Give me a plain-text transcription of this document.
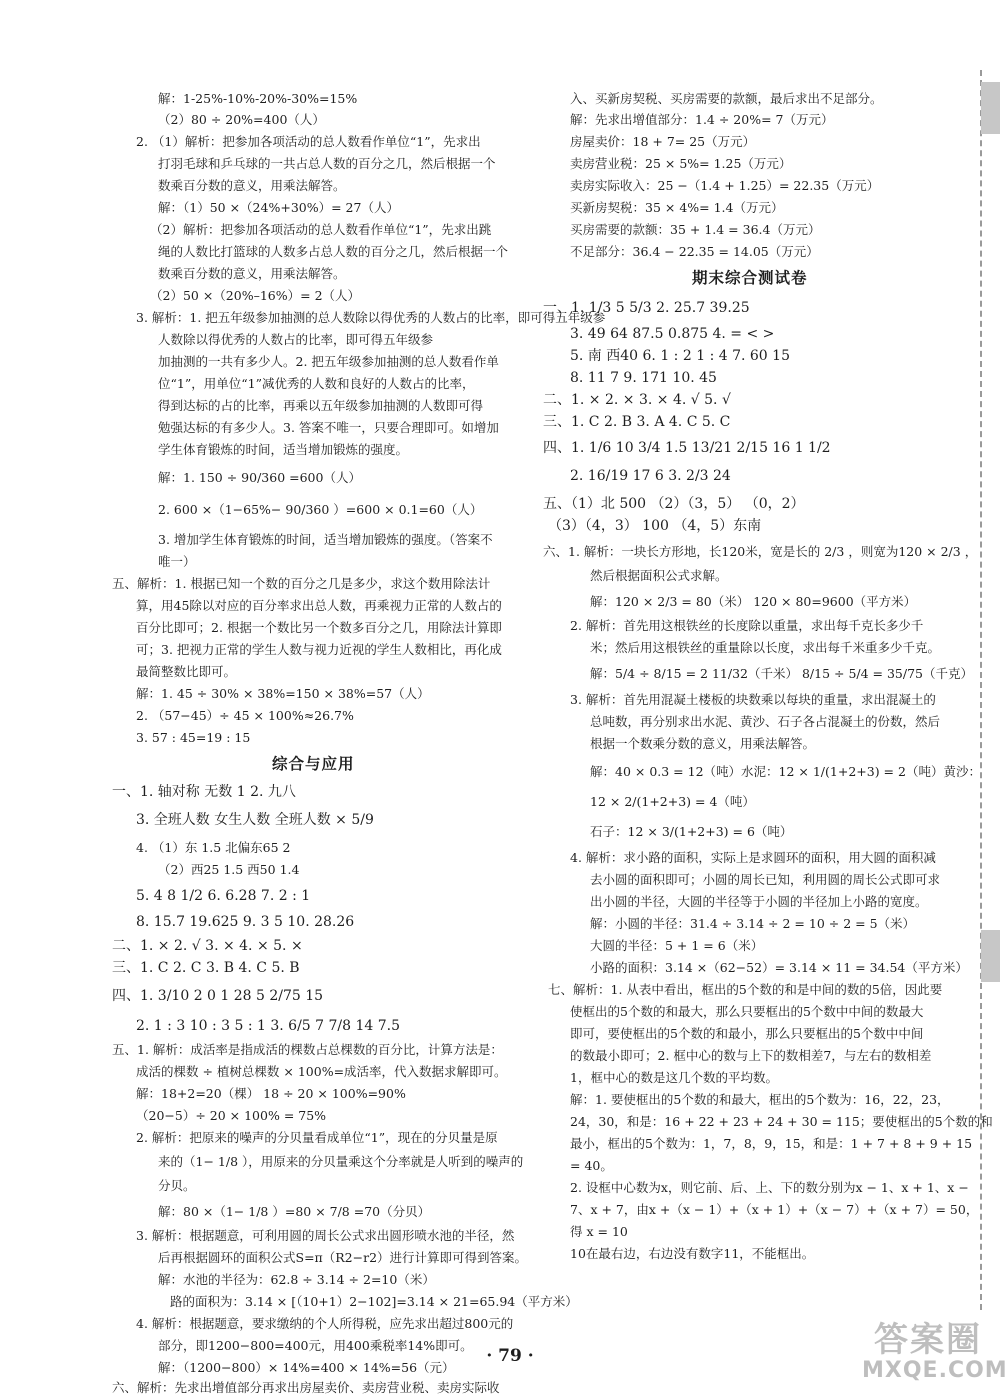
解：1-25%-10%-20%-30%=15%
（2）80 ÷ 20%=400（人）
2. （1）解析：把参加各项活动的总人数看作单位“1”，先求出
打羽毛球和乒乓球的一共占总人数的百分之几，然后根据一个
数乘百分数的意义，用乘法解答。
解：（1）50 ×（24%+30%）= 27（人）
（2）解析：把参加各项活动的总人数看作单位“1”，先求出跳
绳的人数比打篮球的人数多占总人数的百分之几，然后根据一个
数乘百分数的意义，用乘法解答。
（2）50 ×（20%–16%）= 2（人）
3. 解析：1. 把五年级参加抽测的总人数除以得优秀的人数占的比率，即可得五年级参
人数除以得优秀的人数占的比率，即可得五年级参
加抽测的一共有多少人。2. 把五年级参加抽测的总人数看作单
位“1”，用单位“1”减优秀的人数和良好的人数占的比率，
得到达标的占的比率，再乘以五年级参加抽测的人数即可得
勉强达标的有多少人。3. 答案不唯一，只要合理即可。如增加
学生体育锻炼的时间，适当增加锻炼的强度。
解：1. 150 ÷ 90/360 =600（人）
2. 600 ×（1−65%− 90/360 ）=600 × 0.1=60（人）
3. 增加学生体育锻炼的时间，适当增加锻炼的强度。（答案不
唯一）
五、解析：1. 根据已知一个数的百分之几是多少，求这个数用除法计
算，用45除以对应的百分率求出总人数，再乘视力正常的人数占的
百分比即可；2. 根据一个数比另一个数多百分之几，用除法计算即
可；3. 把视力正常的学生人数与视力近视的学生人数相比，再化成
最简整数比即可。
解：1. 45 ÷ 30% × 38%=150 × 38%=57（人）
2. （57−45）÷ 45 × 100%≈26.7%
3. 57 : 45=19 : 15
综合与应用
一、1. 轴对称 无数 1 2. 九八
3. 全班人数 女生人数 全班人数 × 5/9
4. （1）东 1.5 北偏东65 2
（2）西25 1.5 西50 1.4
5. 4 8 1/2 6. 6.28 7. 2 : 1
8. 15.7 19.625 9. 3 5 10. 28.26
二、1. × 2. √ 3. × 4. × 5. ×
三、1. C 2. C 3. B 4. C 5. B
四、1. 3/10 2 0 1 28 5 2/75 15
2. 1 : 3 10 : 3 5 : 1 3. 6/5 7 7/8 14 7.5
五、1. 解析：成活率是指成活的棵数占总棵数的百分比，计算方法是：
成活的棵数 ÷ 植树总棵数 × 100%=成活率，代入数据求解即可。
解：18+2=20（棵） 18 ÷ 20 × 100%=90%
（20−5）÷ 20 × 100% = 75%
2. 解析：把原来的噪声的分贝量看成单位“1”，现在的分贝量是原
来的（1− 1/8 ），用原来的分贝量乘这个分率就是人听到的噪声的
分贝。
解：80 ×（1− 1/8 ）=80 × 7/8 =70（分贝）
3. 解析：根据题意，可利用圆的周长公式求出圆形喷水池的半径，然
后再根据圆环的面积公式S=π（R2−r2）进行计算即可得到答案。
解：水池的半径为：62.8 ÷ 3.14 ÷ 2=10（米）
路的面积为：3.14 × [（10+1）2−102]=3.14 × 21=65.94（平方米）
4. 解析：根据题意，要求缴纳的个人所得税，应先求出超过800元的
部分，即1200−800=400元，用400乘税率14%即可。
解：（1200−800）× 14%=400 × 14%=56（元）
六、解析：先求出增值部分再求出房屋卖价、卖房营业税、卖房实际收
入、买新房契税、买房需要的款额，最后求出不足部分。
解：先求出增值部分：1.4 ÷ 20%= 7（万元）
房屋卖价：18 + 7= 25（万元）
卖房营业税：25 × 5%= 1.25（万元）
卖房实际收入：25 −（1.4 + 1.25）= 22.35（万元）
买新房契税：35 × 4%= 1.4（万元）
买房需要的款额：35 + 1.4 = 36.4（万元）
不足部分：36.4 − 22.35 = 14.05（万元）
期末综合测试卷
一、1. 1/3 5 5/3 2. 25.7 39.25
3. 49 64 87.5 0.875 4. = < >
5. 南 西40 6. 1 : 2 1 : 4 7. 60 15
8. 11 7 9. 171 10. 45
二、1. × 2. × 3. × 4. √ 5. √
三、1. C 2. B 3. A 4. C 5. C
四、1. 1/6 10 3/4 1.5 13/21 2/15 16 1 1/2
2. 16/19 17 6 3. 2/3 24
五、（1）北 500 （2）（3，5） （0，2）
（3）（4，3） 100 （4，5）东南
六、1. 解析：一块长方形地，长120米，宽是长的 2/3 ，则宽为120 × 2/3 ，
然后根据面积公式求解。
解：120 × 2/3 = 80（米） 120 × 80=9600（平方米）
2. 解析：首先用这根铁丝的长度除以重量，求出每千克长多少千
米；然后用这根铁丝的重量除以长度，求出每千米重多少千克。
解：5/4 ÷ 8/15 = 2 11/32（千米） 8/15 ÷ 5/4 = 35/75（千克）
3. 解析：首先用混凝土楼板的块数乘以每块的重量，求出混凝土的
总吨数，再分别求出水泥、黄沙、石子各占混凝土的份数，然后
根据一个数乘分数的意义，用乘法解答。
解：40 × 0.3 = 12（吨）水泥：12 × 1/(1+2+3) = 2（吨）黄沙：
12 × 2/(1+2+3) = 4（吨）
石子：12 × 3/(1+2+3) = 6（吨）
4. 解析：求小路的面积，实际上是求圆环的面积，用大圆的面积减
去小圆的面积即可；小圆的周长已知，利用圆的周长公式即可求
出小圆的半径，大圆的半径等于小圆的半径加上小路的宽度。
解：小圆的半径：31.4 ÷ 3.14 ÷ 2 = 10 ÷ 2 = 5（米）
大圆的半径：5 + 1 = 6（米）
小路的面积：3.14 ×（62−52）= 3.14 × 11 = 34.54（平方米）
七、解析：1. 从表中看出，框出的5个数的和是中间的数的5倍，因此要
使框出的5个数的和最大，那么只要框出的5个数中中间的数最大
即可，要使框出的5个数的和最小，那么只要框出的5个数中中间
的数最小即可；2. 框中心的数与上下的数相差7，与左右的数相差
1，框中心的数是这几个数的平均数。
解：1. 要使框出的5个数的和最大，框出的5个数为：16，22，23，
24，30，和是：16 + 22 + 23 + 24 + 30 = 115；要使框出的5个数的和
最小，框出的5个数为：1，7，8，9，15，和是：1 + 7 + 8 + 9 + 15
= 40。
2. 设框中心数为x，则它前、后、上、下的数分别为x − 1、x + 1、x −
7、x + 7，由x +（x − 1）+（x + 1）+（x − 7）+（x + 7）= 50，
得 x = 10
10在最右边，右边没有数字11，不能框出。
· 79 ·	答案圈
MXQE.COM
